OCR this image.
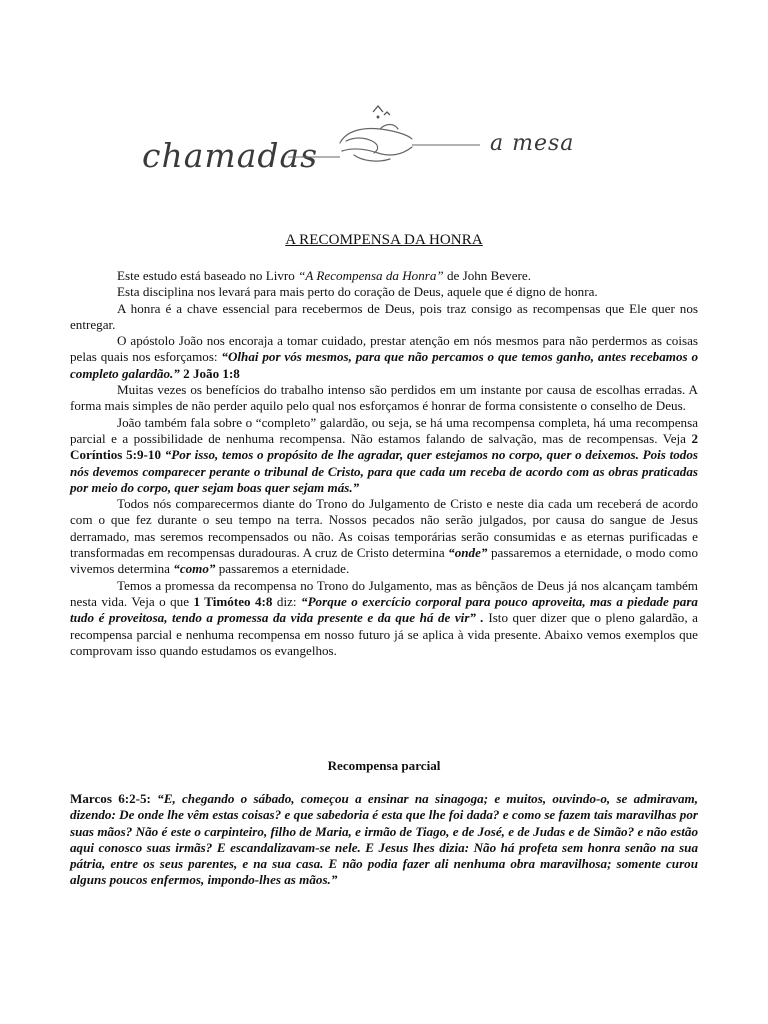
chamadas	a mesa
A RECOMPENSA DA HONRA

Este estudo está baseado no Livro “A Recompensa da Honra” de John Bevere.

Esta disciplina nos levará para mais perto do coração de Deus, aquele que é digno de honra.

A honra é a chave essencial para recebermos de Deus, pois traz consigo as recompensas que Ele quer nos entregar.

O apóstolo João nos encoraja a tomar cuidado, prestar atenção em nós mesmos para não perdermos as coisas pelas quais nos esforçamos: “Olhai por vós mesmos, para que não percamos o que temos ganho, antes recebamos o completo galardão.” 2 João 1:8

Muitas vezes os benefícios do trabalho intenso são perdidos em um instante por causa de escolhas erradas. A forma mais simples de não perder aquilo pelo qual nos esforçamos é honrar de forma consistente o conselho de Deus.

João também fala sobre o “completo” galardão, ou seja, se há uma recompensa completa, há uma recompensa parcial e a possibilidade de nenhuma recompensa. Não estamos falando de salvação, mas de recompensas. Veja 2 Coríntios 5:9-10 “Por isso, temos o propósito de lhe agradar, quer estejamos no corpo, quer o deixemos. Pois todos nós devemos comparecer perante o tribunal de Cristo, para que cada um receba de acordo com as obras praticadas por meio do corpo, quer sejam boas quer sejam más.”

Todos nós comparecermos diante do Trono do Julgamento de Cristo e neste dia cada um receberá de acordo com o que fez durante o seu tempo na terra. Nossos pecados não serão julgados, por causa do sangue de Jesus derramado, mas seremos recompensados ou não. As coisas temporárias serão consumidas e as eternas purificadas e transformadas em recompensas duradouras. A cruz de Cristo determina “onde” passaremos a eternidade, o modo como vivemos determina “como” passaremos a eternidade.

Temos a promessa da recompensa no Trono do Julgamento, mas as bênçãos de Deus já nos alcançam também nesta vida. Veja o que 1 Timóteo 4:8 diz: “Porque o exercício corporal para pouco aproveita, mas a piedade para tudo é proveitosa, tendo a promessa da vida presente e da que há de vir” . Isto quer dizer que o pleno galardão, a recompensa parcial e nenhuma recompensa em nosso futuro já se aplica à vida presente. Abaixo vemos exemplos que comprovam isso quando estudamos os evangelhos.

Recompensa parcial

Marcos 6:2-5: “E, chegando o sábado, começou a ensinar na sinagoga; e muitos, ouvindo-o, se admiravam, dizendo: De onde lhe vêm estas coisas? e que sabedoria é esta que lhe foi dada? e como se fazem tais maravilhas por suas mãos? Não é este o carpinteiro, filho de Maria, e irmão de Tiago, e de José, e de Judas e de Simão? e não estão aqui conosco suas irmãs? E escandalizavam-se nele. E Jesus lhes dizia: Não há profeta sem honra senão na sua pátria, entre os seus parentes, e na sua casa. E não podia fazer ali nenhuma obra maravilhosa; somente curou alguns poucos enfermos, impondo-lhes as mãos.”
